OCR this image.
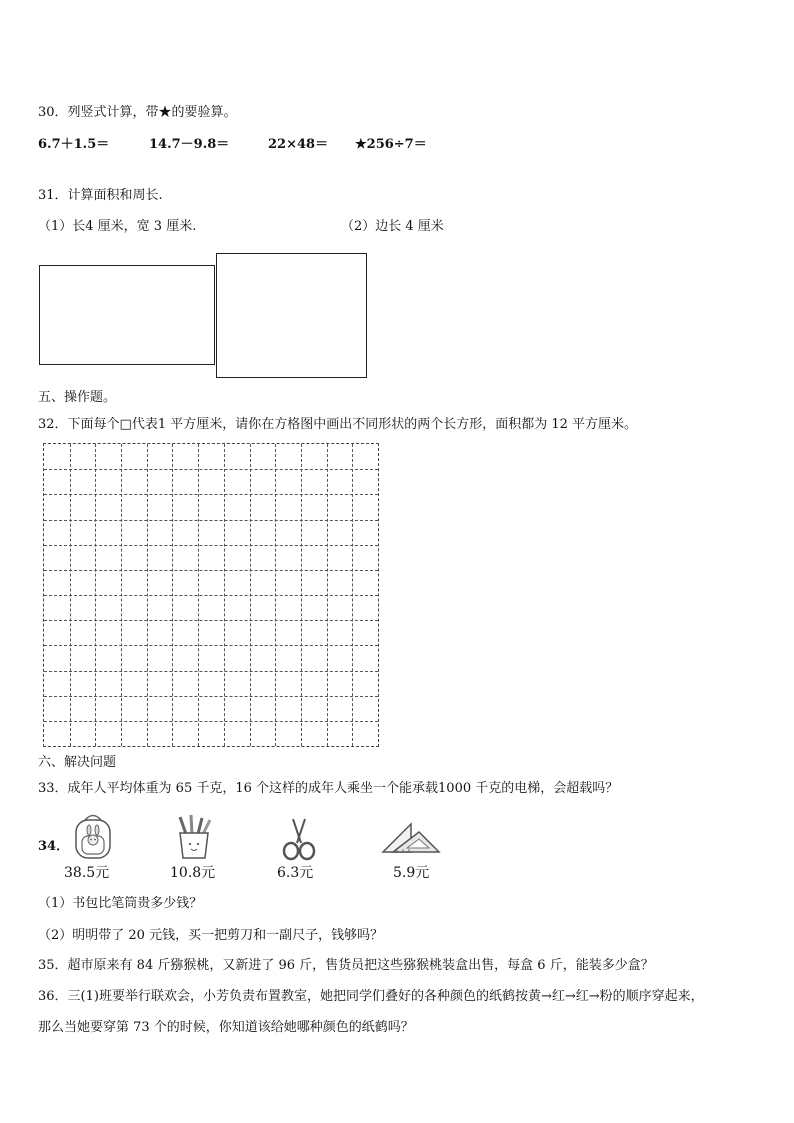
30．列竖式计算，带★的要验算。
6.7＋1.5＝	14.7－9.8＝	22×48＝ ★256÷7＝
31．计算面积和周长.
（1）长4 厘米，宽 3 厘米.	（2）边长 4 厘米
五、操作题。
32．下面每个□代表1 平方厘米，请你在方格图中画出不同形状的两个长方形，面积都为 12 平方厘米。
六、解决问题
33．成年人平均体重为 65 千克，16 个这样的成年人乘坐一个能承载1000 千克的电梯，会超载吗？
34．
38.5元	10.8元	6.3元	5.9元
（1）书包比笔筒贵多少钱？
（2）明明带了 20 元钱，买一把剪刀和一副尺子，钱够吗？
35．超市原来有 84 斤猕猴桃，又新进了 96 斤，售货员把这些猕猴桃装盒出售，每盒 6 斤，能装多少盒？
36．三(1)班要举行联欢会，小芳负责布置教室，她把同学们叠好的各种颜色的纸鹤按黄→红→红→粉的顺序穿起来，
那么当她要穿第 73 个的时候，你知道该给她哪种颜色的纸鹤吗？
